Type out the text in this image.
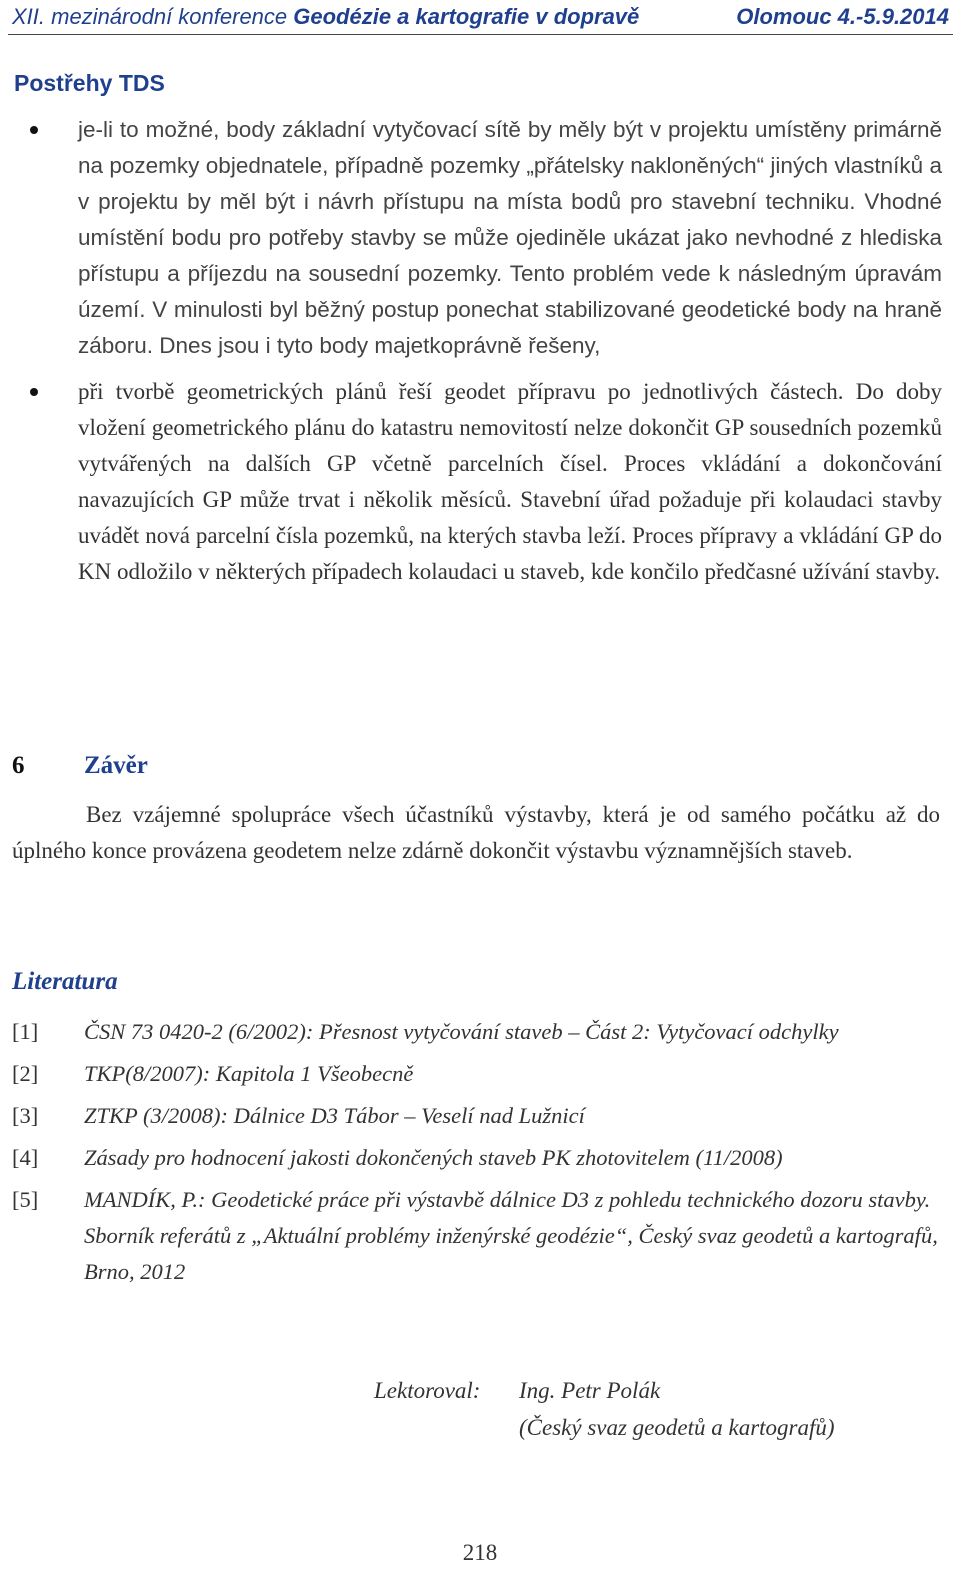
XII. mezinárodní konference Geodézie a kartografie v dopravě	Olomouc 4.-5.9.2014
Postřehy TDS
je-li to možné, body základní vytyčovací sítě by měly být v projektu umístěny primárně na pozemky objednatele, případně pozemky „přátelsky nakloněných“ jiných vlastníků a v projektu by měl být i návrh přístupu na místa bodů pro stavební techniku. Vhodné umístění bodu pro potřeby stavby se může ojediněle ukázat jako nevhodné z hlediska přístupu a příjezdu na sousední pozemky. Tento problém vede k následným úpravám území. V minulosti byl běžný postup ponechat stabilizované geodetické body na hraně záboru. Dnes jsou i tyto body majetkoprávně řešeny,
při tvorbě geometrických plánů řeší geodet přípravu po jednotlivých částech. Do doby vložení geometrického plánu do katastru nemovitostí nelze dokončit GP sousedních pozemků vytvářených na dalších GP včetně parcelních čísel. Proces vkládání a dokončování navazujících GP může trvat i několik měsíců. Stavební úřad požaduje při kolaudaci stavby uvádět nová parcelní čísla pozemků, na kterých stavba leží. Proces přípravy a vkládání GP do KN odložilo v některých případech kolaudaci u staveb, kde končilo předčasné užívání stavby.
6 Závěr

Bez vzájemné spolupráce všech účastníků výstavby, která je od samého počátku až do úplného konce provázena geodetem nelze zdárně dokončit výstavbu významnějších staveb.

Literatura
[1] ČSN 73 0420-2 (6/2002): Přesnost vytyčování staveb – Část 2: Vytyčovací odchylky
[2] TKP(8/2007): Kapitola 1 Všeobecně
[3] ZTKP (3/2008): Dálnice D3 Tábor – Veselí nad Lužnicí
[4] Zásady pro hodnocení jakosti dokončených staveb PK zhotovitelem (11/2008)
[5] MANDÍK, P.: Geodetické práce při výstavbě dálnice D3 z pohledu technického dozoru stavby. Sborník referátů z „Aktuální problémy inženýrské geodézie“, Český svaz geodetů a kartografů, Brno, 2012
Lektoroval: Ing. Petr Polák
(Český svaz geodetů a kartografů)
218
